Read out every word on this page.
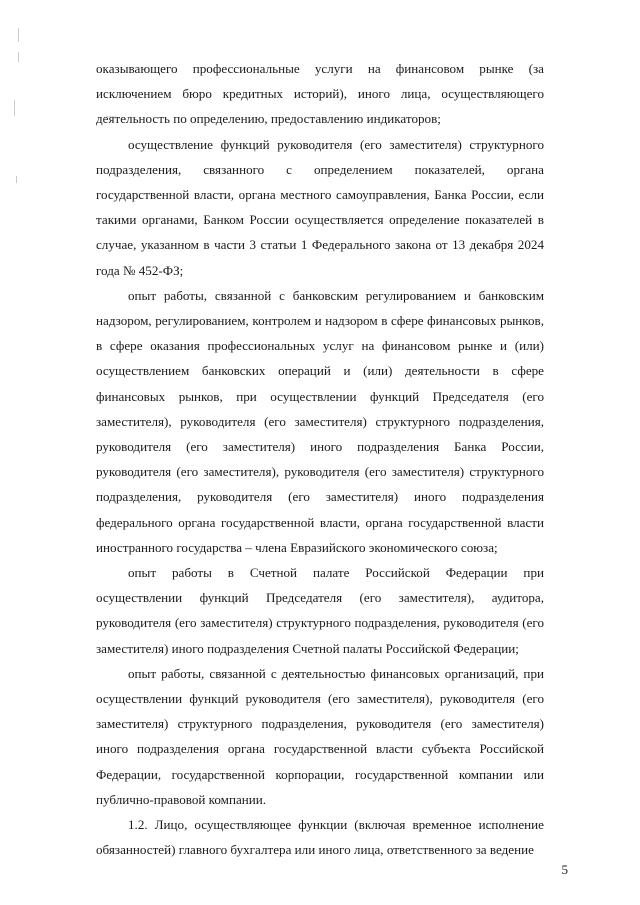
оказывающего профессиональные услуги на финансовом рынке (за исключением бюро кредитных историй), иного лица, осуществляющего деятельность по определению, предоставлению индикаторов;

осуществление функций руководителя (его заместителя) структурного подразделения, связанного с определением показателей, органа государственной власти, органа местного самоуправления, Банка России, если такими органами, Банком России осуществляется определение показателей в случае, указанном в части 3 статьи 1 Федерального закона от 13 декабря 2024 года № 452-ФЗ;

опыт работы, связанной с банковским регулированием и банковским надзором, регулированием, контролем и надзором в сфере финансовых рынков, в сфере оказания профессиональных услуг на финансовом рынке и (или) осуществлением банковских операций и (или) деятельности в сфере финансовых рынков, при осуществлении функций Председателя (его заместителя), руководителя (его заместителя) структурного подразделения, руководителя (его заместителя) иного подразделения Банка России, руководителя (его заместителя), руководителя (его заместителя) структурного подразделения, руководителя (его заместителя) иного подразделения федерального органа государственной власти, органа государственной власти иностранного государства – члена Евразийского экономического союза;

опыт работы в Счетной палате Российской Федерации при осуществлении функций Председателя (его заместителя), аудитора, руководителя (его заместителя) структурного подразделения, руководителя (его заместителя) иного подразделения Счетной палаты Российской Федерации;

опыт работы, связанной с деятельностью финансовых организаций, при осуществлении функций руководителя (его заместителя), руководителя (его заместителя) структурного подразделения, руководителя (его заместителя) иного подразделения органа государственной власти субъекта Российской Федерации, государственной корпорации, государственной компании или публично-правовой компании.

1.2. Лицо, осуществляющее функции (включая временное исполнение обязанностей) главного бухгалтера или иного лица, ответственного за ведение

5
